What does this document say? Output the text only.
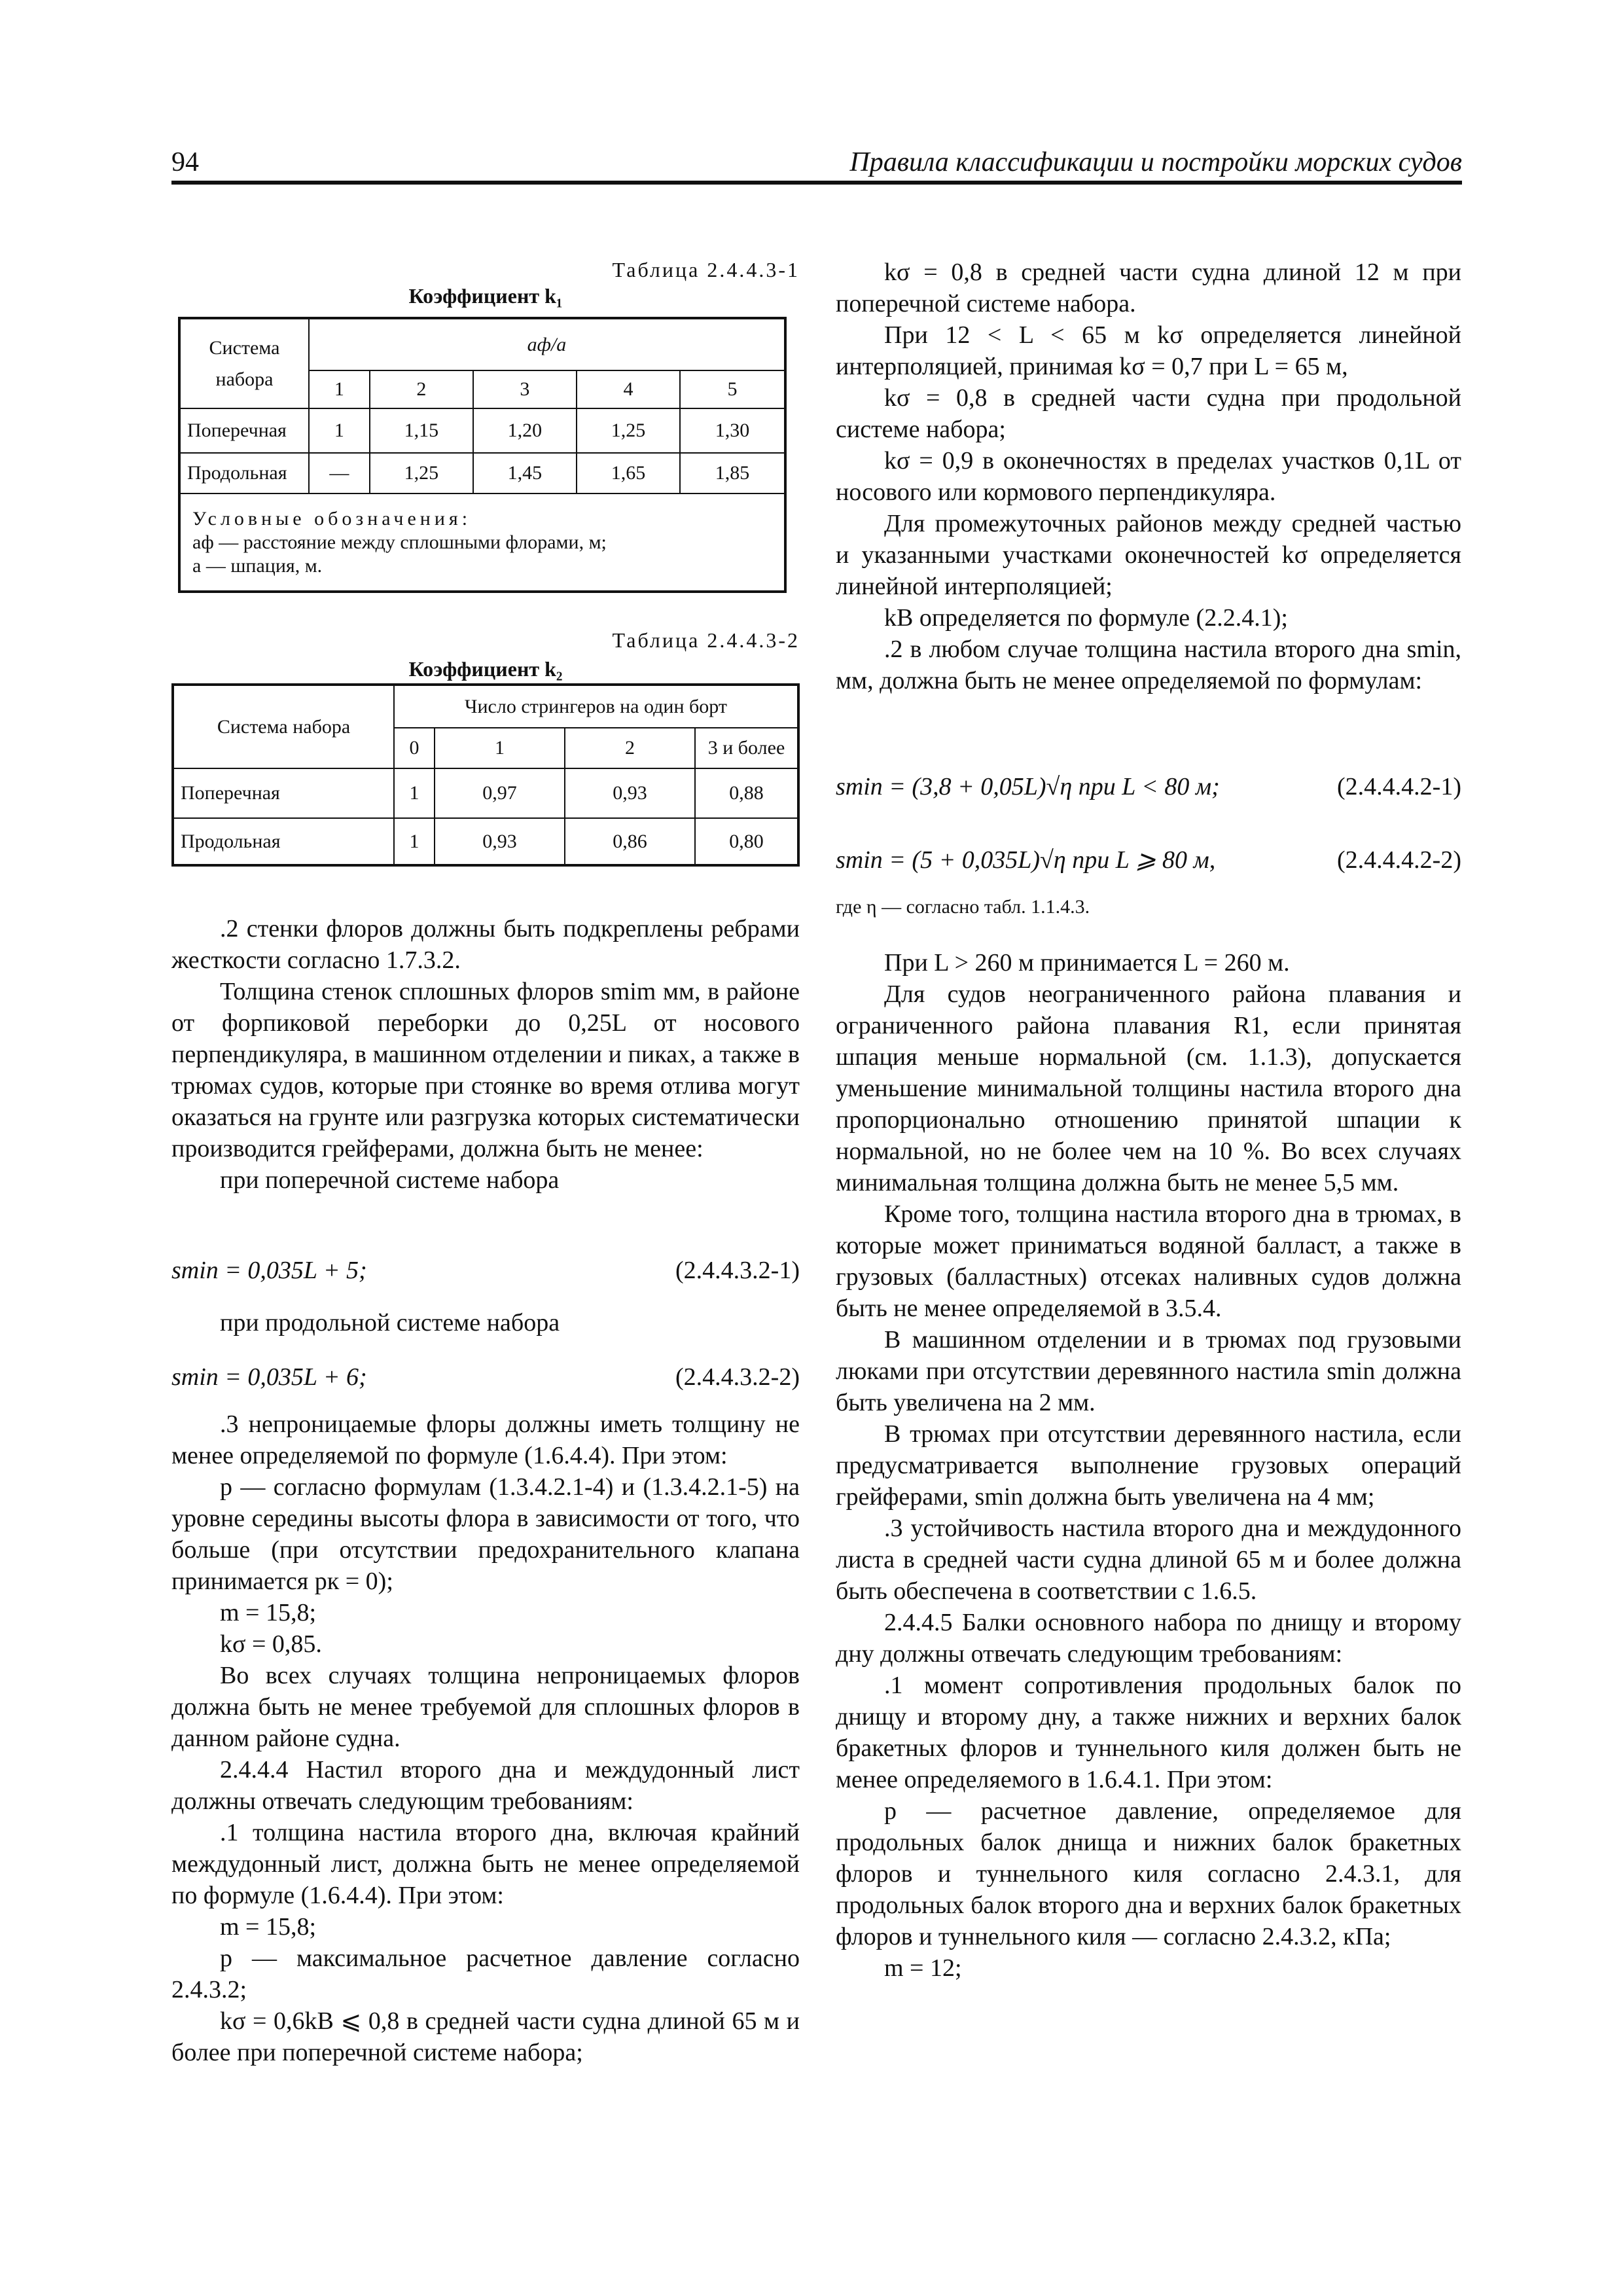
94	Правила классификации и постройки морских судов
Таблица 2.4.4.3-1
Коэффициент k₁
Система набора	aф/a				
	1	2	3	4	5
Поперечная	1	1,15	1,20	1,25	1,30
Продольная	—	1,25	1,45	1,65	1,85

Условные обозначения:
aф — расстояние между сплошными флорами, м;
a — шпация, м.					
Таблица 2.4.4.3-2
Коэффициент k₂
Система набора	Число стрингеров на один борт			
	0	1	2	3 и более
Поперечная	1	0,97	0,93	0,88
Продольная	1	0,93	0,86	0,80

.2 стенки флоров должны быть подкреплены ребрами жесткости согласно 1.7.3.2.

Толщина стенок сплошных флоров smim мм, в районе от форпиковой переборки до 0,25L от носового перпендикуляра, в машинном отделении и пиках, а также в трюмах судов, которые при стоянке во время отлива могут оказаться на грунте или разгрузка которых систематически производится грейферами, должна быть не менее:

при поперечной системе набора

smin = 0,035L + 5;	(2.4.4.3.2-1)

при продольной системе набора

smin = 0,035L + 6;	(2.4.4.3.2-2)

.3 непроницаемые флоры должны иметь толщину не менее определяемой по формуле (1.6.4.4). При этом:

p — согласно формулам (1.3.4.2.1-4) и (1.3.4.2.1-5) на уровне середины высоты флора в зависимости от того, что больше (при отсутствии предохранительного клапана принимается pк = 0);

m = 15,8;

kσ = 0,85.

Во всех случаях толщина непроницаемых флоров должна быть не менее требуемой для сплошных флоров в данном районе судна.

2.4.4.4 Настил второго дна и междудонный лист должны отвечать следующим требованиям:

.1 толщина настила второго дна, включая крайний междудонный лист, должна быть не менее определяемой по формуле (1.6.4.4). При этом:

m = 15,8;

p — максимальное расчетное давление согласно 2.4.3.2;

kσ = 0,6kB ⩽ 0,8 в средней части судна длиной 65 м и более при поперечной системе набора;

kσ = 0,8 в средней части судна длиной 12 м при поперечной системе набора.

При 12 < L < 65 м kσ определяется линейной интерполяцией, принимая kσ = 0,7 при L = 65 м,

kσ = 0,8 в средней части судна при продольной системе набора;

kσ = 0,9 в оконечностях в пределах участков 0,1L от носового или кормового перпендикуляра.

Для промежуточных районов между средней частью и указанными участками оконечностей kσ определяется линейной интерполяцией;

kB определяется по формуле (2.2.4.1);

.2 в любом случае толщина настила второго дна smin, мм, должна быть не менее определяемой по формулам:

smin = (3,8 + 0,05L)√η при L < 80 м;	(2.4.4.4.2-1)
smin = (5 + 0,035L)√η при L ⩾ 80 м,	(2.4.4.4.2-2)

где η — согласно табл. 1.1.4.3.

При L > 260 м принимается L = 260 м.

Для судов неограниченного района плавания и ограниченного района плавания R1, если принятая шпация меньше нормальной (см. 1.1.3), допускается уменьшение минимальной толщины настила второго дна пропорционально отношению принятой шпации к нормальной, но не более чем на 10 %. Во всех случаях минимальная толщина должна быть не менее 5,5 мм.

Кроме того, толщина настила второго дна в трюмах, в которые может приниматься водяной балласт, а также в грузовых (балластных) отсеках наливных судов должна быть не менее определяемой в 3.5.4.

В машинном отделении и в трюмах под грузовыми люками при отсутствии деревянного настила smin должна быть увеличена на 2 мм.

В трюмах при отсутствии деревянного настила, если предусматривается выполнение грузовых операций грейферами, smin должна быть увеличена на 4 мм;

.3 устойчивость настила второго дна и междудонного листа в средней части судна длиной 65 м и более должна быть обеспечена в соответствии с 1.6.5.

2.4.4.5 Балки основного набора по днищу и второму дну должны отвечать следующим требованиям:

.1 момент сопротивления продольных балок по днищу и второму дну, а также нижних и верхних балок бракетных флоров и туннельного киля должен быть не менее определяемого в 1.6.4.1. При этом:

p — расчетное давление, определяемое для продольных балок днища и нижних балок бракетных флоров и туннельного киля согласно 2.4.3.1, для продольных балок второго дна и верхних балок бракетных флоров и туннельного киля — согласно 2.4.3.2, кПа;

m = 12;
